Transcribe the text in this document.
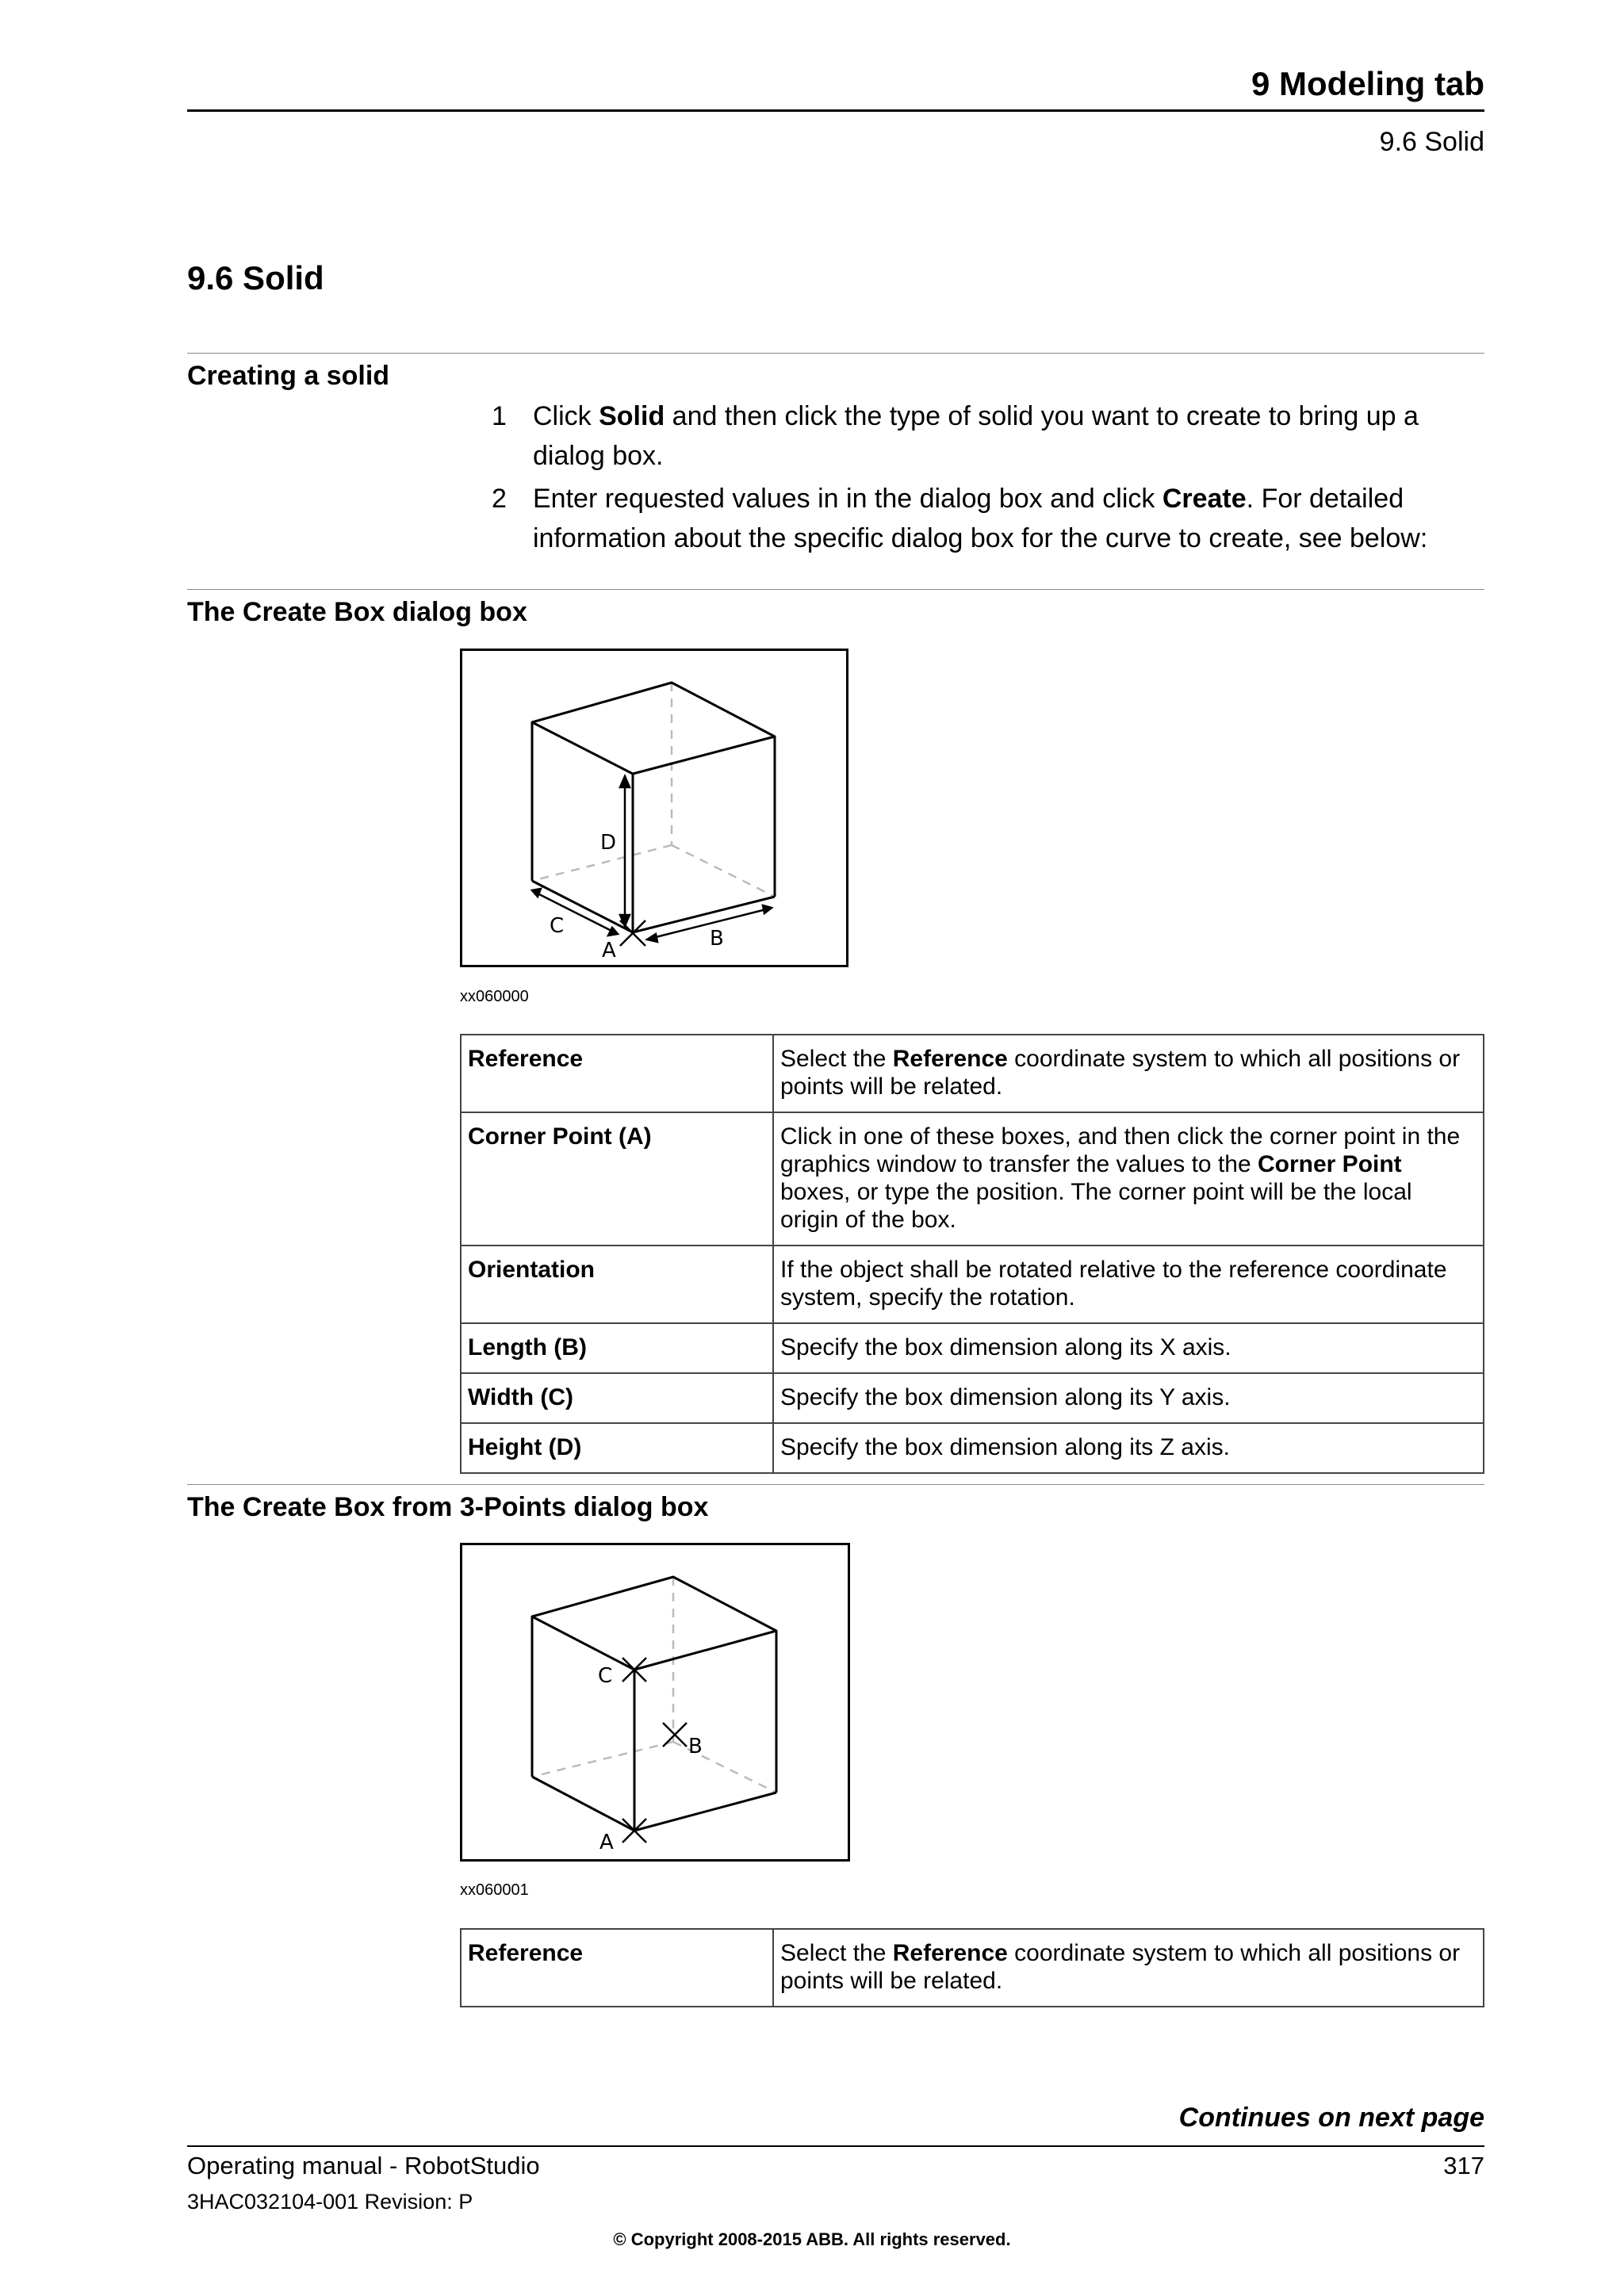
9 Modeling tab
9.6 Solid
9.6 Solid
Creating a solid
1 Click Solid and then click the type of solid you want to create to bring up a dialog box.
2 Enter requested values in in the dialog box and click Create. For detailed information about the specific dialog box for the curve to create, see below:
The Create Box dialog box
D
C
A	B
xx060000
Reference	Select the Reference coordinate system to which all positions or points will be related.
Corner Point (A)	Click in one of these boxes, and then click the corner point in the graphics window to transfer the values to the Corner Point boxes, or type the position. The corner point will be the local origin of the box.
Orientation	If the object shall be rotated relative to the reference coordinate system, specify the rotation.
Length (B)	Specify the box dimension along its X axis.
Width (C)	Specify the box dimension along its Y axis.
Height (D)	Specify the box dimension along its Z axis.
The Create Box from 3-Points dialog box
C
B
A
xx060001
Reference	Select the Reference coordinate system to which all positions or points will be related.
Continues on next page
Operating manual - RobotStudio	317
3HAC032104-001 Revision: P
© Copyright 2008-2015 ABB. All rights reserved.
